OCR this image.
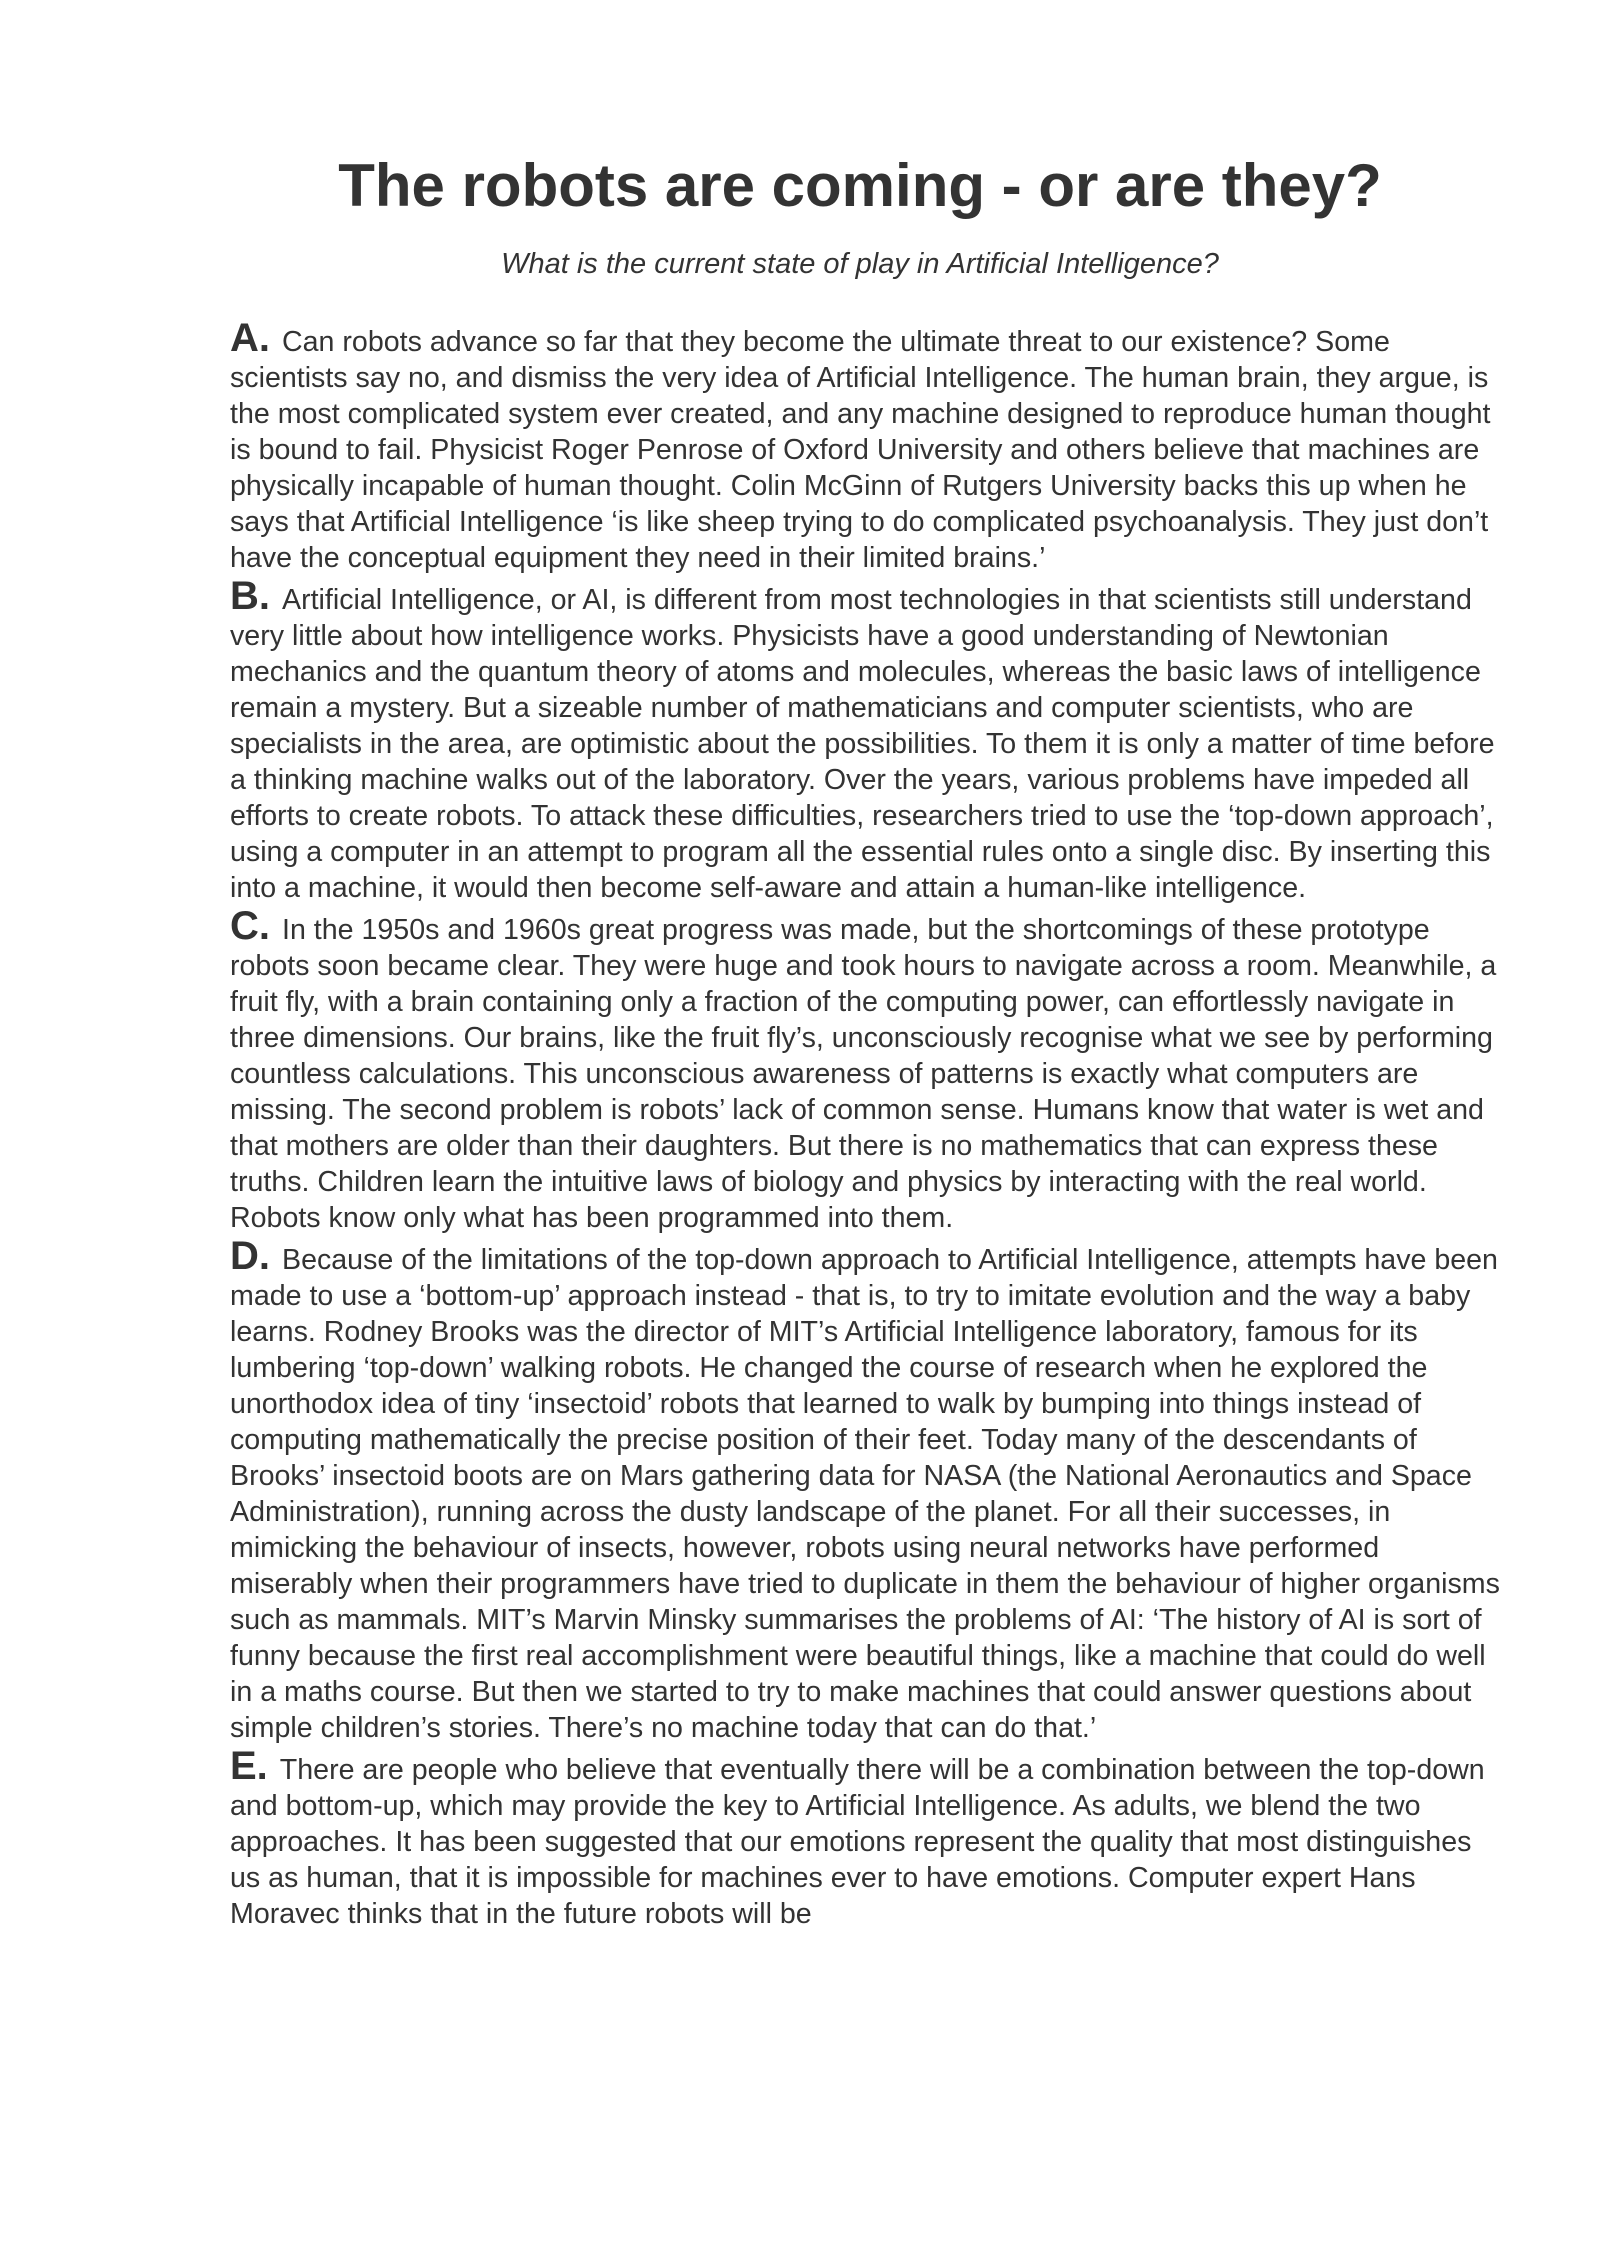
The robots are coming - or are they?

What is the current state of play in Artificial Intelligence?

A. Can robots advance so far that they become the ultimate threat to our existence? Some scientists say no, and dismiss the very idea of Artificial Intelligence. The human brain, they argue, is the most complicated system ever created, and any machine designed to reproduce human thought is bound to fail. Physicist Roger Penrose of Oxford University and others believe that machines are physically incapable of human thought. Colin McGinn of Rutgers University backs this up when he says that Artificial Intelligence ‘is like sheep trying to do complicated psychoanalysis. They just don’t have the conceptual equipment they need in their limited brains.’

B. Artificial Intelligence, or AI, is different from most technologies in that scientists still understand very little about how intelligence works. Physicists have a good understanding of Newtonian mechanics and the quantum theory of atoms and molecules, whereas the basic laws of intelligence remain a mystery. But a sizeable number of mathematicians and computer scientists, who are specialists in the area, are optimistic about the possibilities. To them it is only a matter of time before a thinking machine walks out of the laboratory. Over the years, various problems have impeded all efforts to create robots. To attack these difficulties, researchers tried to use the ‘top-down approach’, using a computer in an attempt to program all the essential rules onto a single disc. By inserting this into a machine, it would then become self-aware and attain a human-like intelligence.

C. In the 1950s and 1960s great progress was made, but the shortcomings of these prototype robots soon became clear. They were huge and took hours to navigate across a room. Meanwhile, a fruit fly, with a brain containing only a fraction of the computing power, can effortlessly navigate in three dimensions. Our brains, like the fruit fly’s, unconsciously recognise what we see by performing countless calculations. This unconscious awareness of patterns is exactly what computers are missing. The second problem is robots’ lack of common sense. Humans know that water is wet and that mothers are older than their daughters. But there is no mathematics that can express these truths. Children learn the intuitive laws of biology and physics by interacting with the real world. Robots know only what has been programmed into them.

D. Because of the limitations of the top-down approach to Artificial Intelligence, attempts have been made to use a ‘bottom-up’ approach instead - that is, to try to imitate evolution and the way a baby learns. Rodney Brooks was the director of MIT’s Artificial Intelligence laboratory, famous for its lumbering ‘top-down’ walking robots. He changed the course of research when he explored the unorthodox idea of tiny ‘insectoid’ robots that learned to walk by bumping into things instead of computing mathematically the precise position of their feet. Today many of the descendants of Brooks’ insectoid boots are on Mars gathering data for NASA (the National Aeronautics and Space Administration), running across the dusty landscape of the planet. For all their successes, in mimicking the behaviour of insects, however, robots using neural networks have performed miserably when their programmers have tried to duplicate in them the behaviour of higher organisms such as mammals. MIT’s Marvin Minsky summarises the problems of AI: ‘The history of AI is sort of funny because the first real accomplishment were beautiful things, like a machine that could do well in a maths course. But then we started to try to make machines that could answer questions about simple children’s stories. There’s no machine today that can do that.’

E. There are people who believe that eventually there will be a combination between the top-down and bottom-up, which may provide the key to Artificial Intelligence. As adults, we blend the two approaches. It has been suggested that our emotions represent the quality that most distinguishes us as human, that it is impossible for machines ever to have emotions. Computer expert Hans Moravec thinks that in the future robots will be
